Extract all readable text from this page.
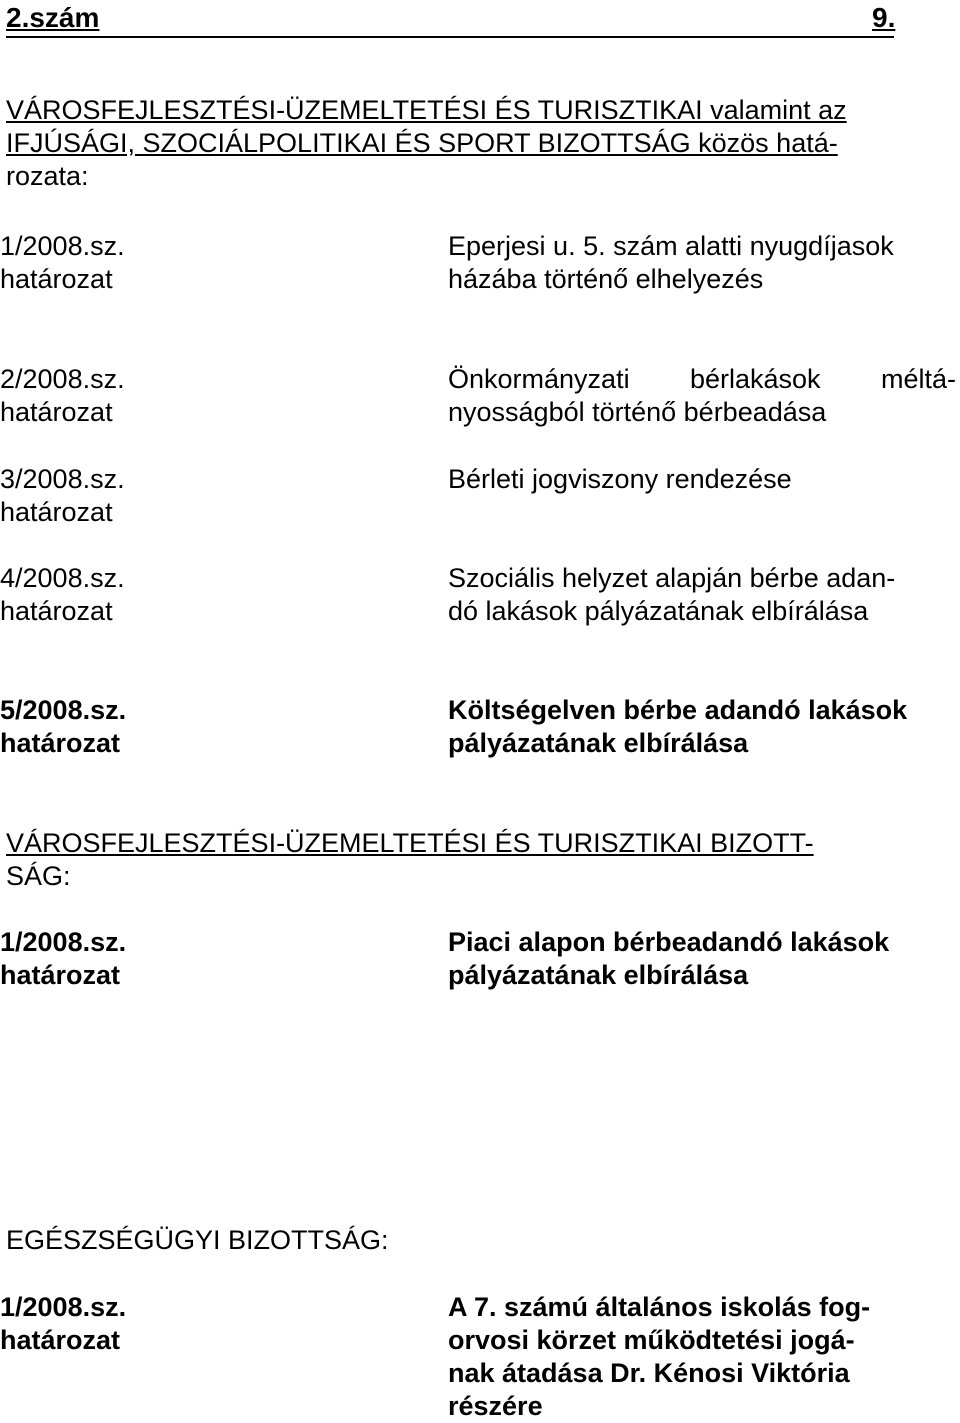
2.szám	9.
VÁROSFEJLESZTÉSI-ÜZEMELTETÉSI ÉS TURISZTIKAI valamint az
IFJÚSÁGI, SZOCIÁLPOLITIKAI ÉS SPORT BIZOTTSÁG közös hatá-
rozata:
1/2008.sz.
határozat
Eperjesi u. 5. szám alatti nyugdíjasok
házába történő elhelyezés
2/2008.sz.
határozat
Önkormányzati bérlakások méltá-
nyosságból történő bérbeadása
3/2008.sz.
határozat
Bérleti jogviszony rendezése
4/2008.sz.
határozat
Szociális helyzet alapján bérbe adan-
dó lakások pályázatának elbírálása
5/2008.sz.
határozat
Költségelven bérbe adandó lakások
pályázatának elbírálása
VÁROSFEJLESZTÉSI-ÜZEMELTETÉSI ÉS TURISZTIKAI BIZOTT-
SÁG:
1/2008.sz.
határozat
Piaci alapon bérbeadandó lakások
pályázatának elbírálása
EGÉSZSÉGÜGYI BIZOTTSÁG:
1/2008.sz.
határozat
A 7. számú általános iskolás fog-
orvosi körzet működtetési jogá-
nak átadása Dr. Kénosi Viktória
részére
